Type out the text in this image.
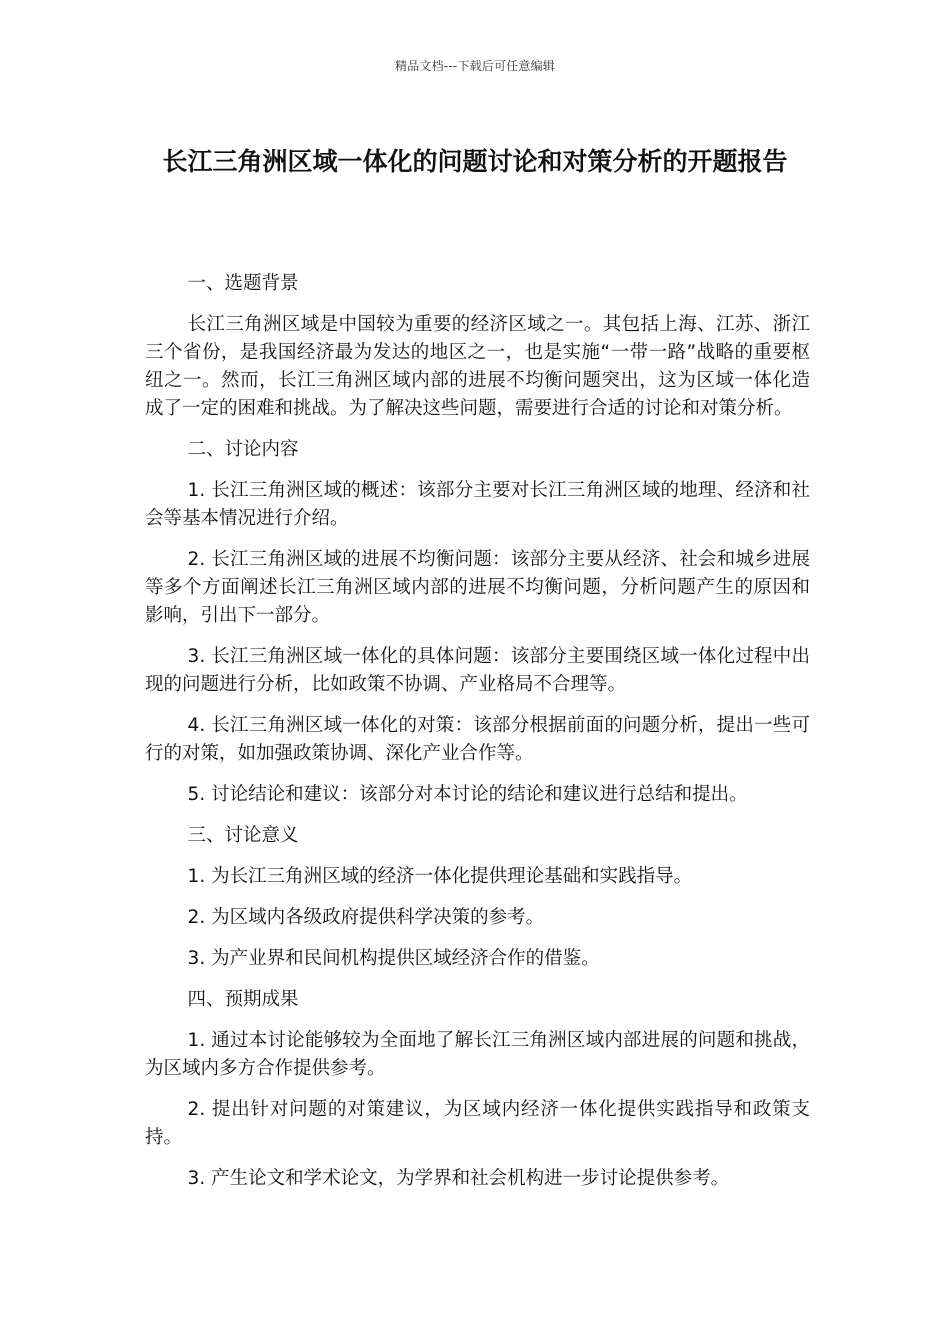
精品文档---下载后可任意编辑
长江三角洲区域一体化的问题讨论和对策分析的开题报告

一、选题背景

长江三角洲区域是中国较为重要的经济区域之一。其包括上海、江苏、浙江三个省份，是我国经济最为发达的地区之一，也是实施“一带一路”战略的重要枢纽之一。然而，长江三角洲区域内部的进展不均衡问题突出，这为区域一体化造成了一定的困难和挑战。为了解决这些问题，需要进行合适的讨论和对策分析。

二、讨论内容

1. 长江三角洲区域的概述：该部分主要对长江三角洲区域的地理、经济和社会等基本情况进行介绍。

2. 长江三角洲区域的进展不均衡问题：该部分主要从经济、社会和城乡进展等多个方面阐述长江三角洲区域内部的进展不均衡问题，分析问题产生的原因和影响，引出下一部分。

3. 长江三角洲区域一体化的具体问题：该部分主要围绕区域一体化过程中出现的问题进行分析，比如政策不协调、产业格局不合理等。

4. 长江三角洲区域一体化的对策：该部分根据前面的问题分析，提出一些可行的对策，如加强政策协调、深化产业合作等。

5. 讨论结论和建议：该部分对本讨论的结论和建议进行总结和提出。

三、讨论意义

1. 为长江三角洲区域的经济一体化提供理论基础和实践指导。

2. 为区域内各级政府提供科学决策的参考。

3. 为产业界和民间机构提供区域经济合作的借鉴。

四、预期成果

1. 通过本讨论能够较为全面地了解长江三角洲区域内部进展的问题和挑战，为区域内多方合作提供参考。

2. 提出针对问题的对策建议，为区域内经济一体化提供实践指导和政策支持。

3. 产生论文和学术论文，为学界和社会机构进一步讨论提供参考。
